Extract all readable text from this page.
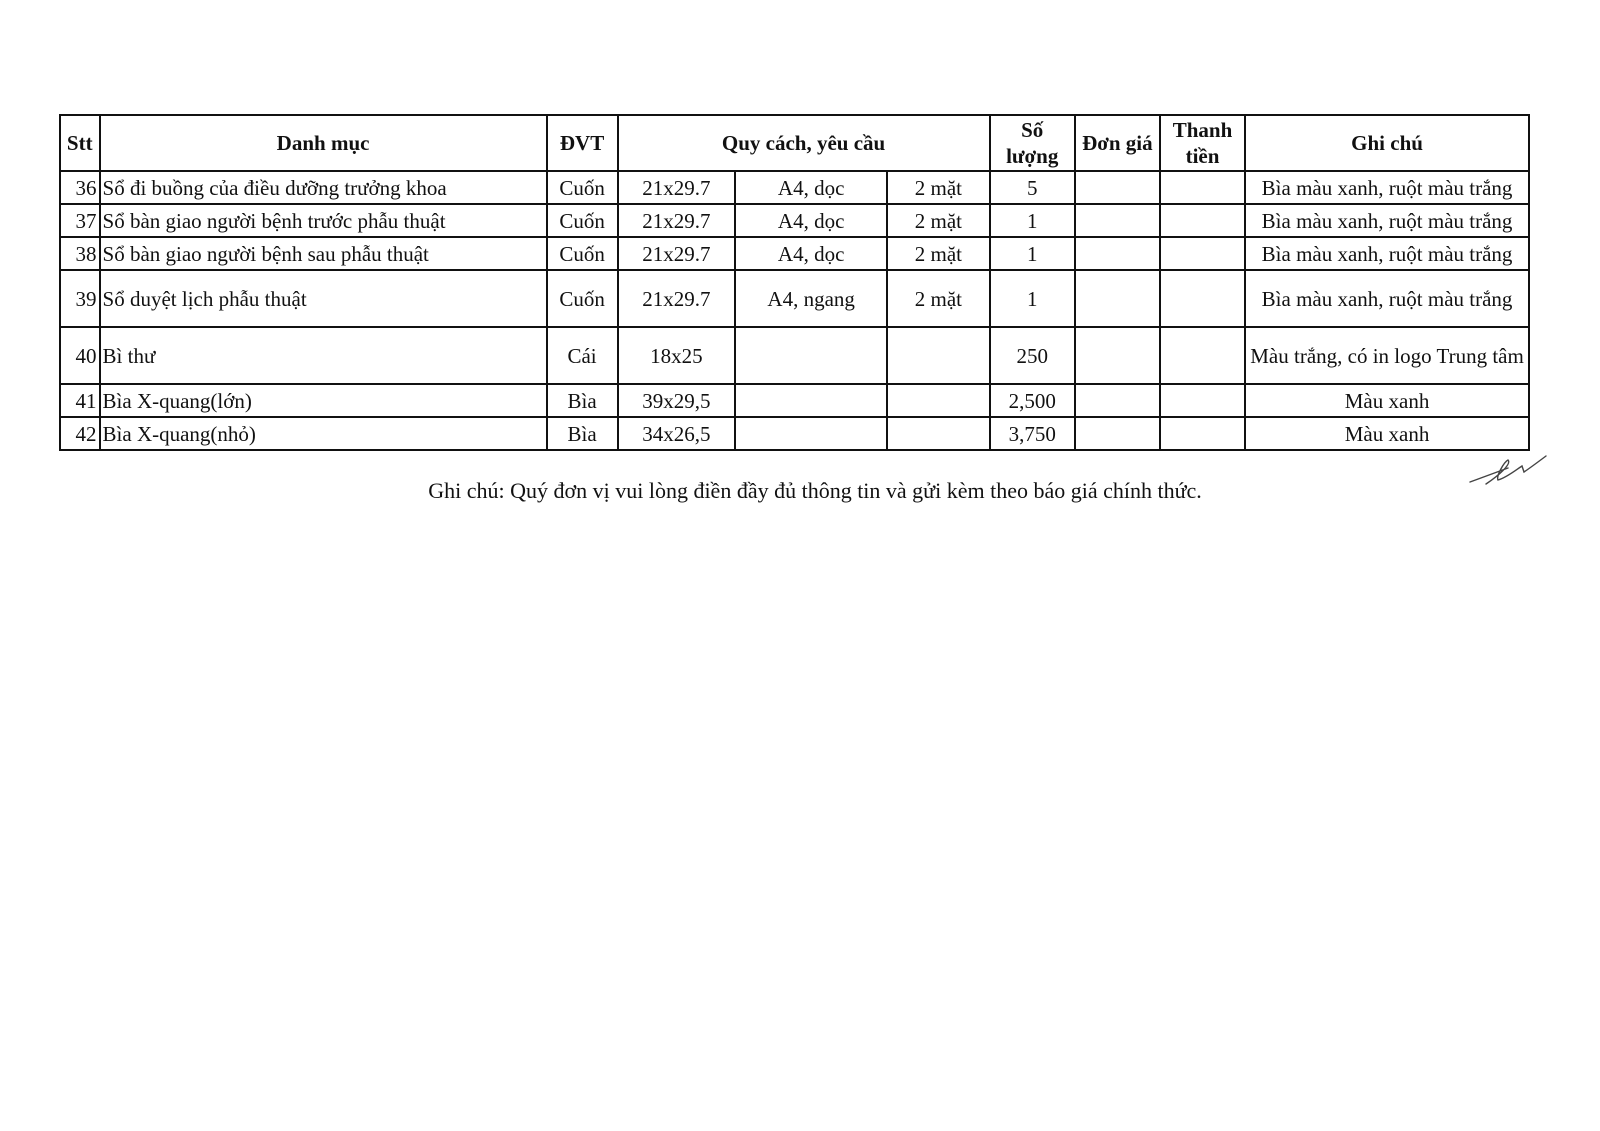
Stt	Danh mục	ĐVT	Quy cách, yêu cầu			Số lượng	Đơn giá	Thanh tiền	Ghi chú
36	Sổ đi buồng của điều dưỡng trưởng khoa	Cuốn	21x29.7	A4, dọc	2 mặt	5			Bìa màu xanh, ruột màu trắng
37	Sổ bàn giao người bệnh trước phẫu thuật	Cuốn	21x29.7	A4, dọc	2 mặt	1			Bìa màu xanh, ruột màu trắng
38	Sổ bàn giao người bệnh sau phẫu thuật	Cuốn	21x29.7	A4, dọc	2 mặt	1			Bìa màu xanh, ruột màu trắng
39	Sổ duyệt lịch phẫu thuật	Cuốn	21x29.7	A4, ngang	2 mặt	1			Bìa màu xanh, ruột màu trắng
40	Bì thư	Cái	18x25			250			Màu trắng, có in logo Trung tâm
41	Bìa X-quang(lớn)	Bìa	39x29,5			2,500			Màu xanh
42	Bìa X-quang(nhỏ)	Bìa	34x26,5			3,750			Màu xanh
Ghi chú: Quý đơn vị vui lòng điền đầy đủ thông tin và gửi kèm theo báo giá chính thức.
